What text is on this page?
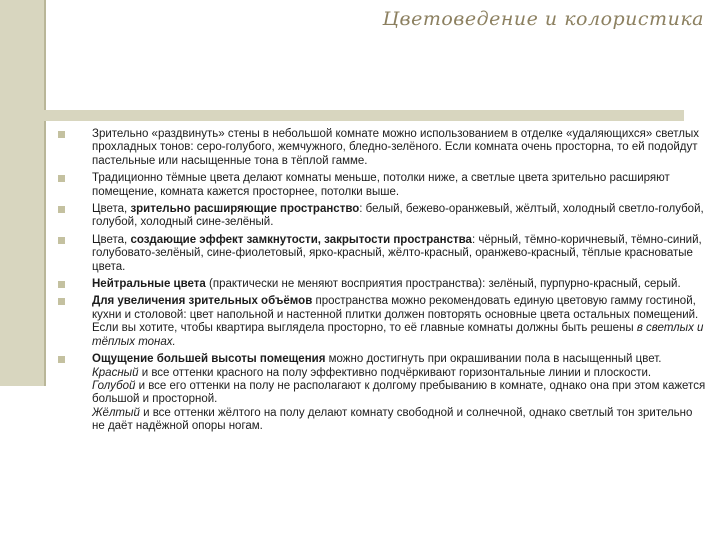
Цветоведение и колористика
Зрительно «раздвинуть» стены в небольшой комнате можно использованием в отделке «удаляющихся» светлых прохладных тонов: серо-голубого, жемчужного, бледно-зелёного. Если комната очень просторна, то ей подойдут пастельные или насыщенные тона в тёплой гамме.
Традиционно тёмные цвета делают комнаты меньше, потолки ниже, а светлые цвета зрительно расширяют помещение, комната кажется просторнее, потолки выше.
Цвета, зрительно расширяющие пространство: белый, бежево-оранжевый, жёлтый, холодный светло-голубой, голубой, холодный сине-зелёный.
Цвета, создающие эффект замкнутости, закрытости пространства: чёрный, тёмно-коричневый, тёмно-синий, голубовато-зелёный, сине-фиолетовый, ярко-красный, жёлто-красный, оранжево-красный, тёплые красноватые цвета.
Нейтральные цвета (практически не меняют восприятия пространства): зелёный, пурпурно-красный, серый.
Для увеличения зрительных объёмов пространства можно рекомендовать единую цветовую гамму гостиной, кухни и столовой: цвет напольной и настенной плитки должен повторять основные цвета остальных помещений. Если вы хотите, чтобы квартира выглядела просторно, то её главные комнаты должны быть решены в светлых и тёплых тонах.
Ощущение большей высоты помещения можно достигнуть при окрашивании пола в насыщенный цвет.
Красный и все оттенки красного на полу эффективно подчёркивают горизонтальные линии и плоскости.
Голубой и все его оттенки на полу не располагают к долгому пребыванию в комнате, однако она при этом кажется большой и просторной.
Жёлтый и все оттенки жёлтого на полу делают комнату свободной и солнечной, однако светлый тон зрительно не даёт надёжной опоры ногам.
